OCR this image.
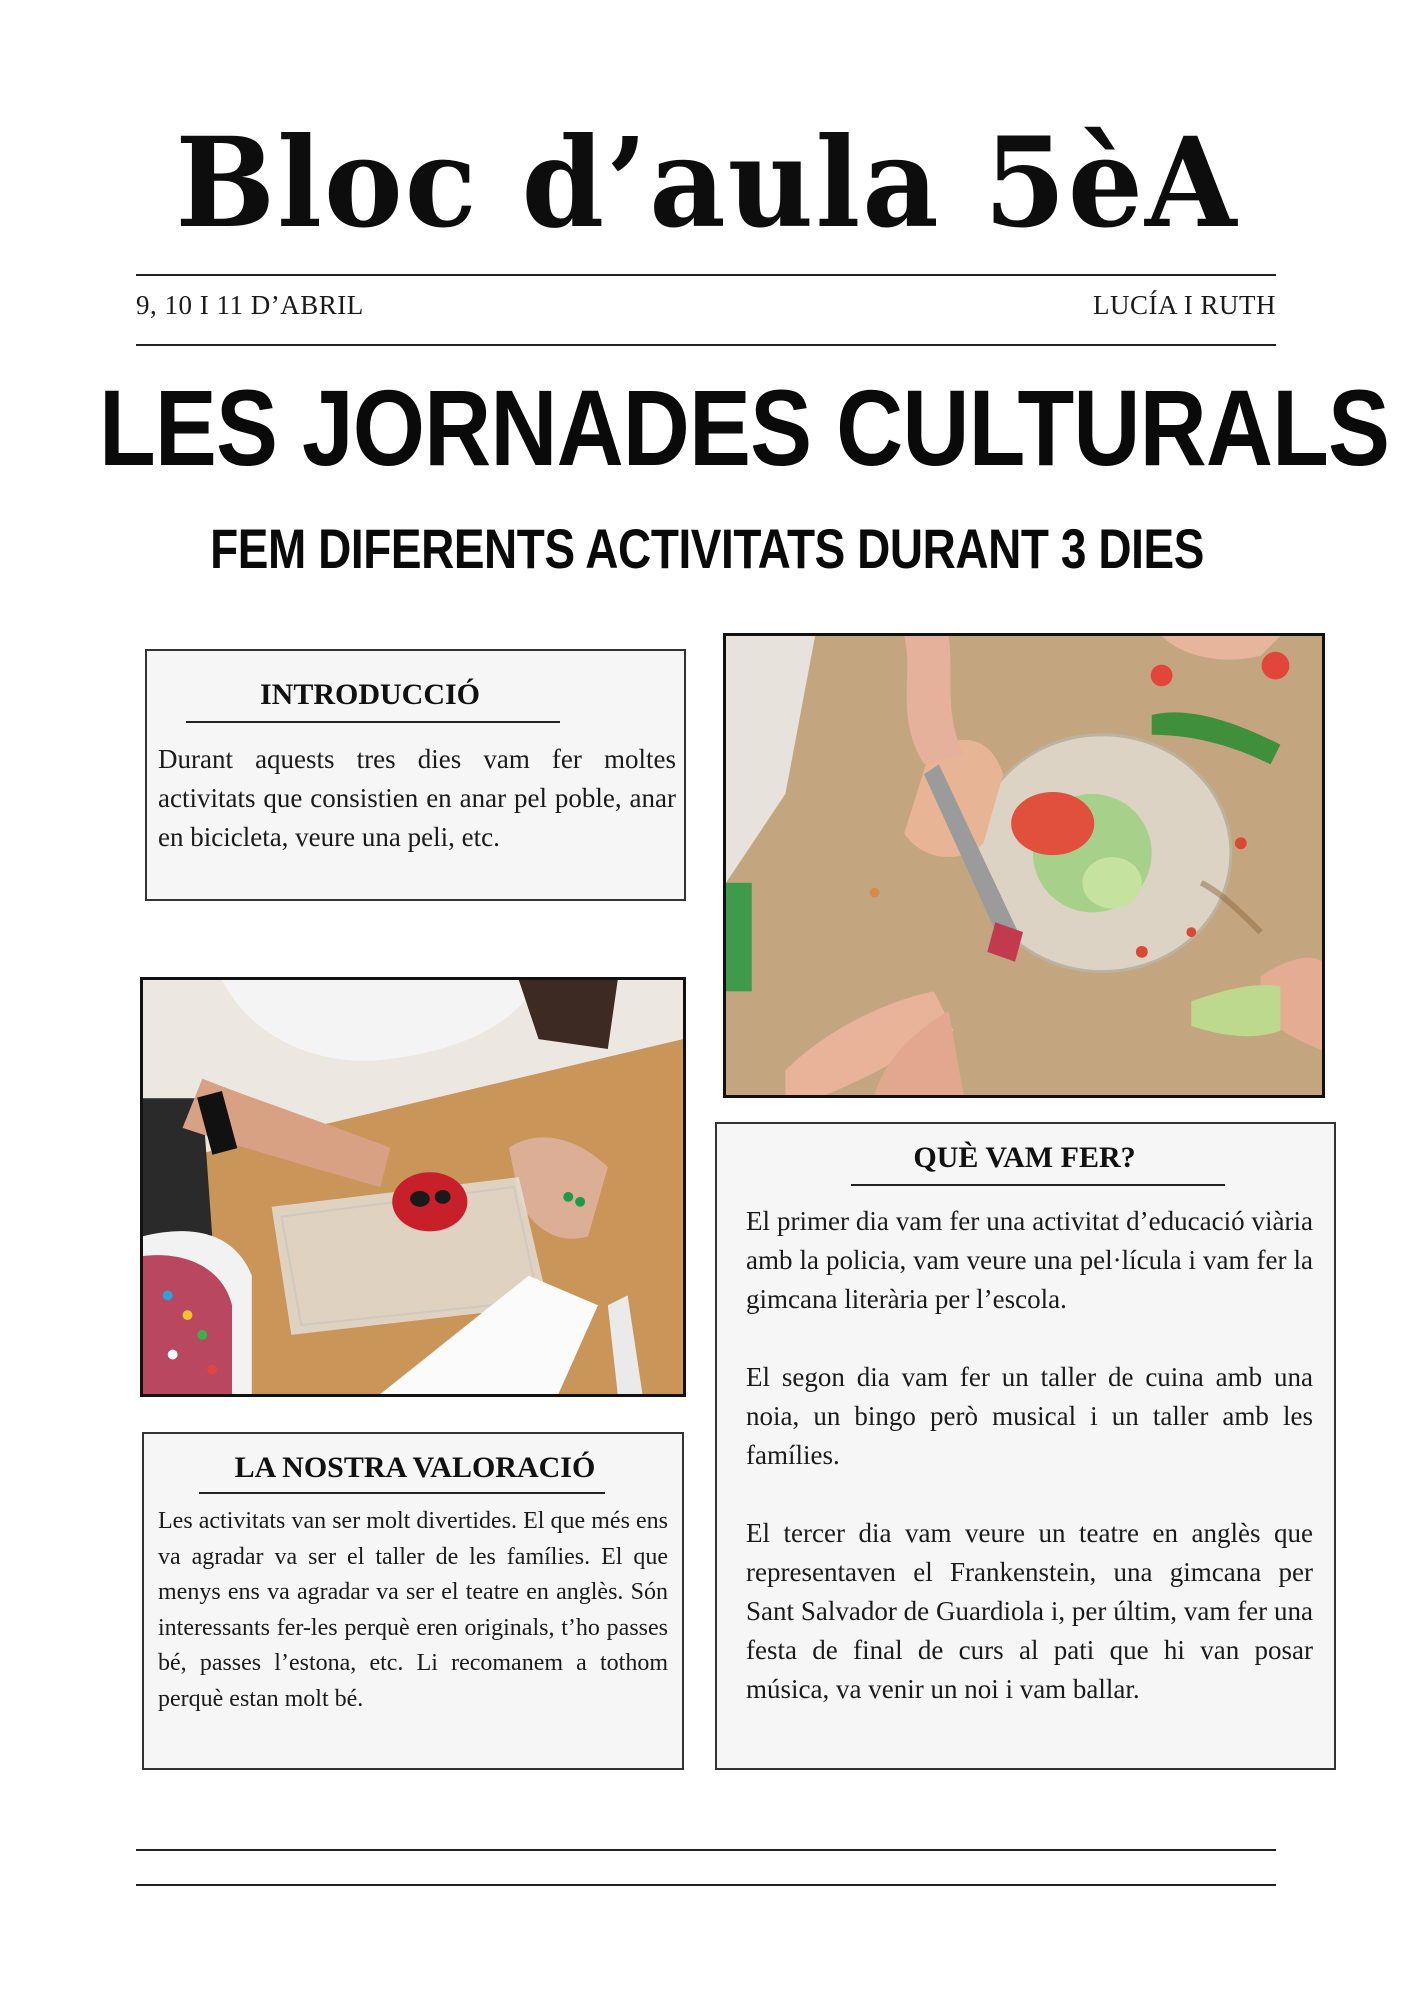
Bloc d’aula 5èA
9, 10 I 11 D’ABRIL	LUCÍA I RUTH
LES JORNADES CULTURALS
FEM DIFERENTS ACTIVITATS DURANT 3 DIES
INTRODUCCIÓ
Durant aquests tres dies vam fer moltes activitats que consistien en anar pel poble, anar en bicicleta, veure una peli, etc.
QUÈ VAM FER?

El primer dia vam fer una activitat d’educació viària amb la policia, vam veure una pel·lícula i vam fer la gimcana literària per l’escola.

El segon dia vam fer un taller de cuina amb una noia, un bingo però musical i un taller amb les famílies.

El tercer dia vam veure un teatre en anglès que representaven el Frankenstein, una gimcana per Sant Salvador de Guardiola i, per últim, vam fer una festa de final de curs al pati que hi van posar música, va venir un noi i vam ballar.

LA NOSTRA VALORACIÓ
Les activitats van ser molt divertides. El que més ens va agradar va ser el taller de les famílies. El que menys ens va agradar va ser el teatre en anglès. Són interessants fer-les perquè eren originals, t’ho passes bé, passes l’estona, etc. Li recomanem a tothom perquè estan molt bé.
